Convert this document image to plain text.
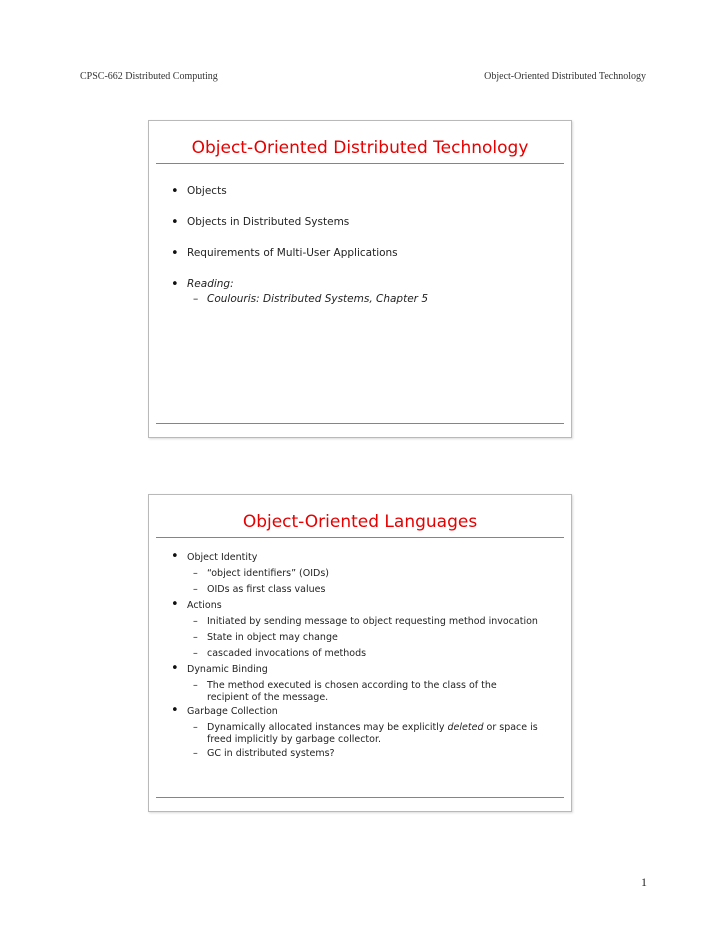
CPSC-662 Distributed Computing	Object-Oriented Distributed Technology
Object-Oriented Distributed Technology
• Objects
• Objects in Distributed Systems
• Requirements of Multi-User Applications
• Reading:
– Coulouris: Distributed Systems, Chapter 5
Object-Oriented Languages
• Object Identity
– “object identifiers” (OIDs)
– OIDs as first class values
• Actions
– Initiated by sending message to object requesting method invocation
– State in object may change
– cascaded invocations of methods
• Dynamic Binding
– The method executed is chosen according to the class of the
recipient of the message.
• Garbage Collection
– Dynamically allocated instances may be explicitly deleted or space is
freed implicitly by garbage collector.
– GC in distributed systems?
1
